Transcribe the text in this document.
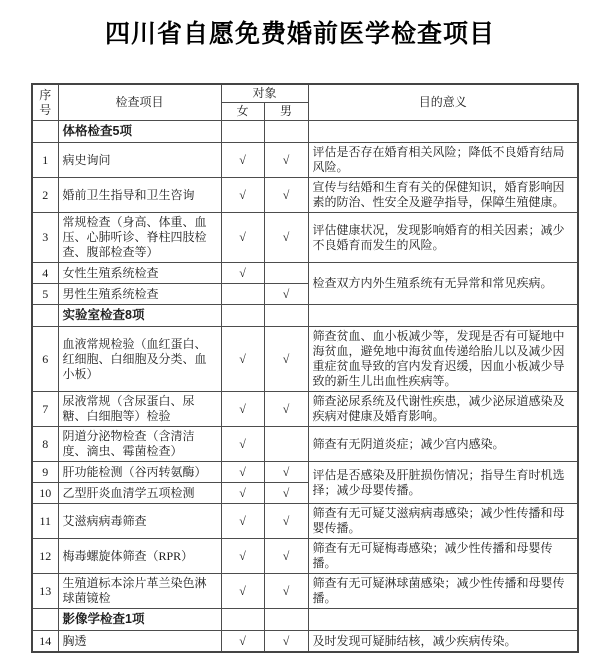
四川省自愿免费婚前医学检查项目
序号	检查项目	对象		目的意义
		女	男	
	体格检查5项			
1	病史询问	√	√	评估是否存在婚育相关风险；降低不良婚育结局风险。
2	婚前卫生指导和卫生咨询	√	√	宣传与结婚和生育有关的保健知识，婚育影响因素的防治、性安全及避孕指导，保障生殖健康。
3	常规检查（身高、体重、血压、心肺听诊、脊柱四肢检查、腹部检查等）	√	√	评估健康状况，发现影响婚育的相关因素；减少不良婚育而发生的风险。
4	女性生殖系统检查	√		检查双方内外生殖系统有无异常和常见疾病。
5	男性生殖系统检查		√	
	实验室检查8项			
6	血液常规检验（血红蛋白、红细胞、白细胞及分类、血小板）	√	√	筛查贫血、血小板减少等，发现是否有可疑地中海贫血，避免地中海贫血传递给胎儿以及减少因重症贫血导致的宫内发育迟缓，因血小板减少导致的新生儿出血性疾病等。
7	尿液常规（含尿蛋白、尿糖、白细胞等）检验	√	√	筛查泌尿系统及代谢性疾患，减少泌尿道感染及疾病对健康及婚育影响。
8	阴道分泌物检查（含清洁度、滴虫、霉菌检查）	√		筛查有无阴道炎症；减少宫内感染。
9	肝功能检测（谷丙转氨酶）	√	√	评估是否感染及肝脏损伤情况；指导生育时机选择；减少母婴传播。
10	乙型肝炎血清学五项检测	√	√	
11	艾滋病病毒筛查	√	√	筛查有无可疑艾滋病病毒感染；减少性传播和母婴传播。
12	梅毒螺旋体筛查（RPR）	√	√	筛查有无可疑梅毒感染；减少性传播和母婴传播。
13	生殖道标本涂片革兰染色淋球菌镜检	√	√	筛查有无可疑淋球菌感染；减少性传播和母婴传播。
	影像学检查1项			
14	胸透	√	√	及时发现可疑肺结核，减少疾病传染。
